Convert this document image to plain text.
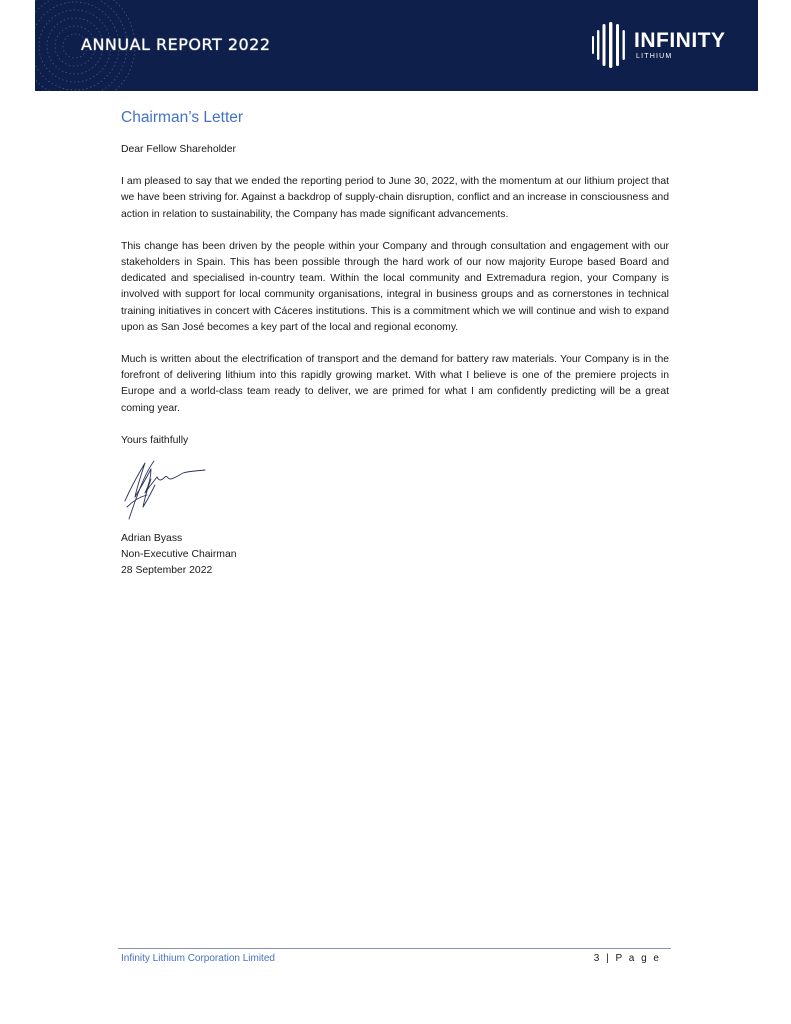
ANNUAL REPORT 2022	INFINITY
LITHIUM
Chairman’s Letter

Dear Fellow Shareholder

I am pleased to say that we ended the reporting period to June 30, 2022, with the momentum at our lithium project that we have been striving for. Against a backdrop of supply-chain disruption, conflict and an increase in consciousness and action in relation to sustainability, the Company has made significant advancements.

This change has been driven by the people within your Company and through consultation and engagement with our stakeholders in Spain. This has been possible through the hard work of our now majority Europe based Board and dedicated and specialised in-country team. Within the local community and Extremadura region, your Company is involved with support for local community organisations, integral in business groups and as cornerstones in technical training initiatives in concert with Cáceres institutions. This is a commitment which we will continue and wish to expand upon as San José becomes a key part of the local and regional economy.

Much is written about the electrification of transport and the demand for battery raw materials. Your Company is in the forefront of delivering lithium into this rapidly growing market. With what I believe is one of the premiere projects in Europe and a world-class team ready to deliver, we are primed for what I am confidently predicting will be a great coming year.

Yours faithfully

Adrian Byass

Non-Executive Chairman

28 September 2022

Infinity Lithium Corporation Limited	3 | P a g e
